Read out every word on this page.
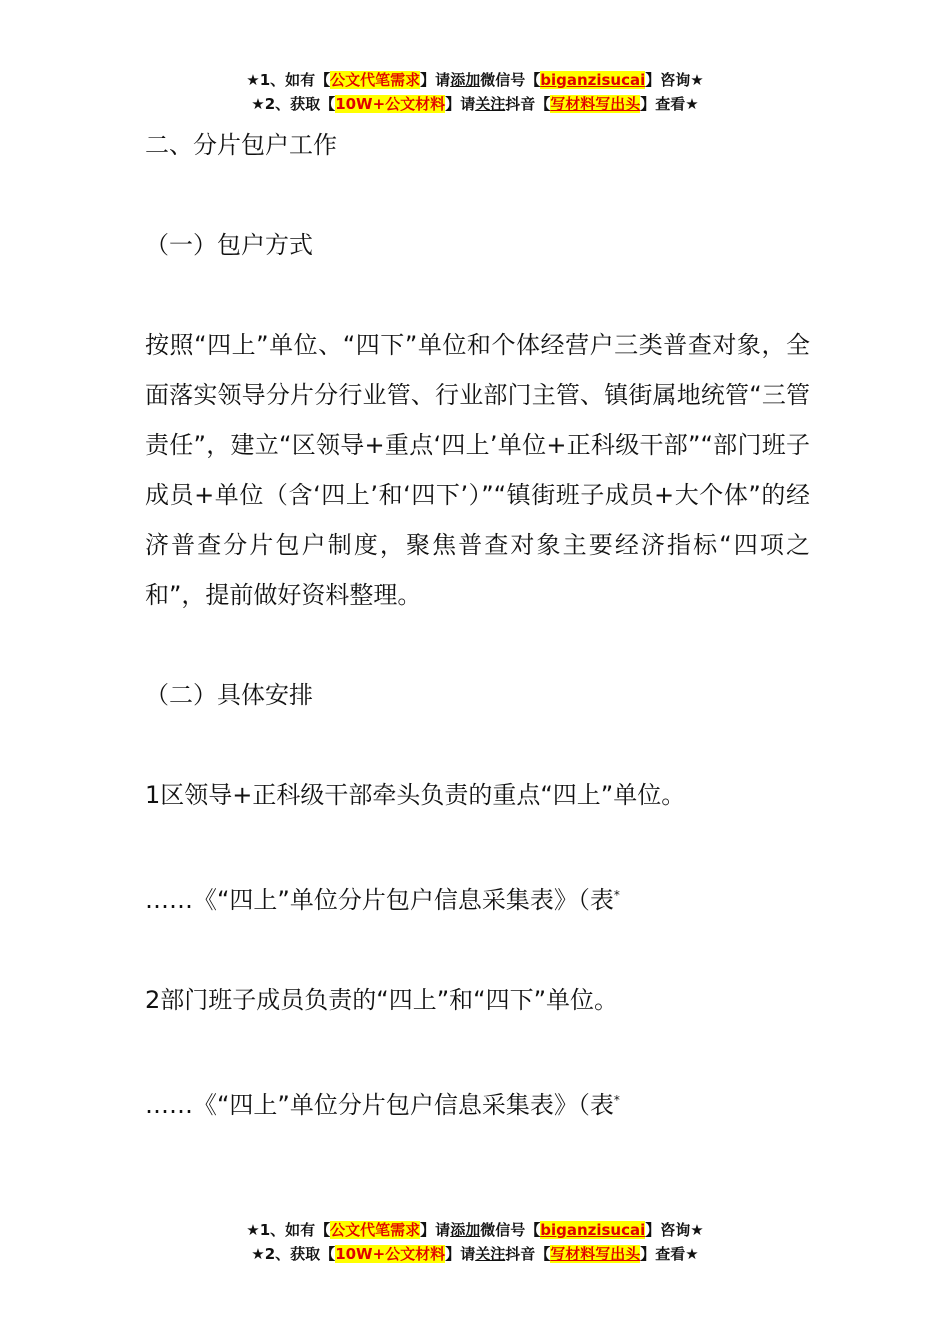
★1、如有【公文代笔需求】请添加微信号【biganzisucai】咨询★
★2、获取【10W+公文材料】请关注抖音【写材料写出头】查看★

二、分片包户工作

（一）包户方式

按照“四上”单位、“四下”单位和个体经营户三类普查对象，全面落实领导分片分行业管、行业部门主管、镇街属地统管“三管责任”，建立“区领导+重点‘四上’单位+正科级干部”“部门班子成员+单位（含‘四上’和‘四下’）”“镇街班子成员+大个体”的经济普查分片包户制度，聚焦普查对象主要经济指标“四项之和”，提前做好资料整理。

（二）具体安排

1区领导+正科级干部牵头负责的重点“四上”单位。

……《“四上”单位分片包户信息采集表》（表*

2部门班子成员负责的“四上”和“四下”单位。

……《“四上”单位分片包户信息采集表》（表*

★1、如有【公文代笔需求】请添加微信号【biganzisucai】咨询★
★2、获取【10W+公文材料】请关注抖音【写材料写出头】查看★
